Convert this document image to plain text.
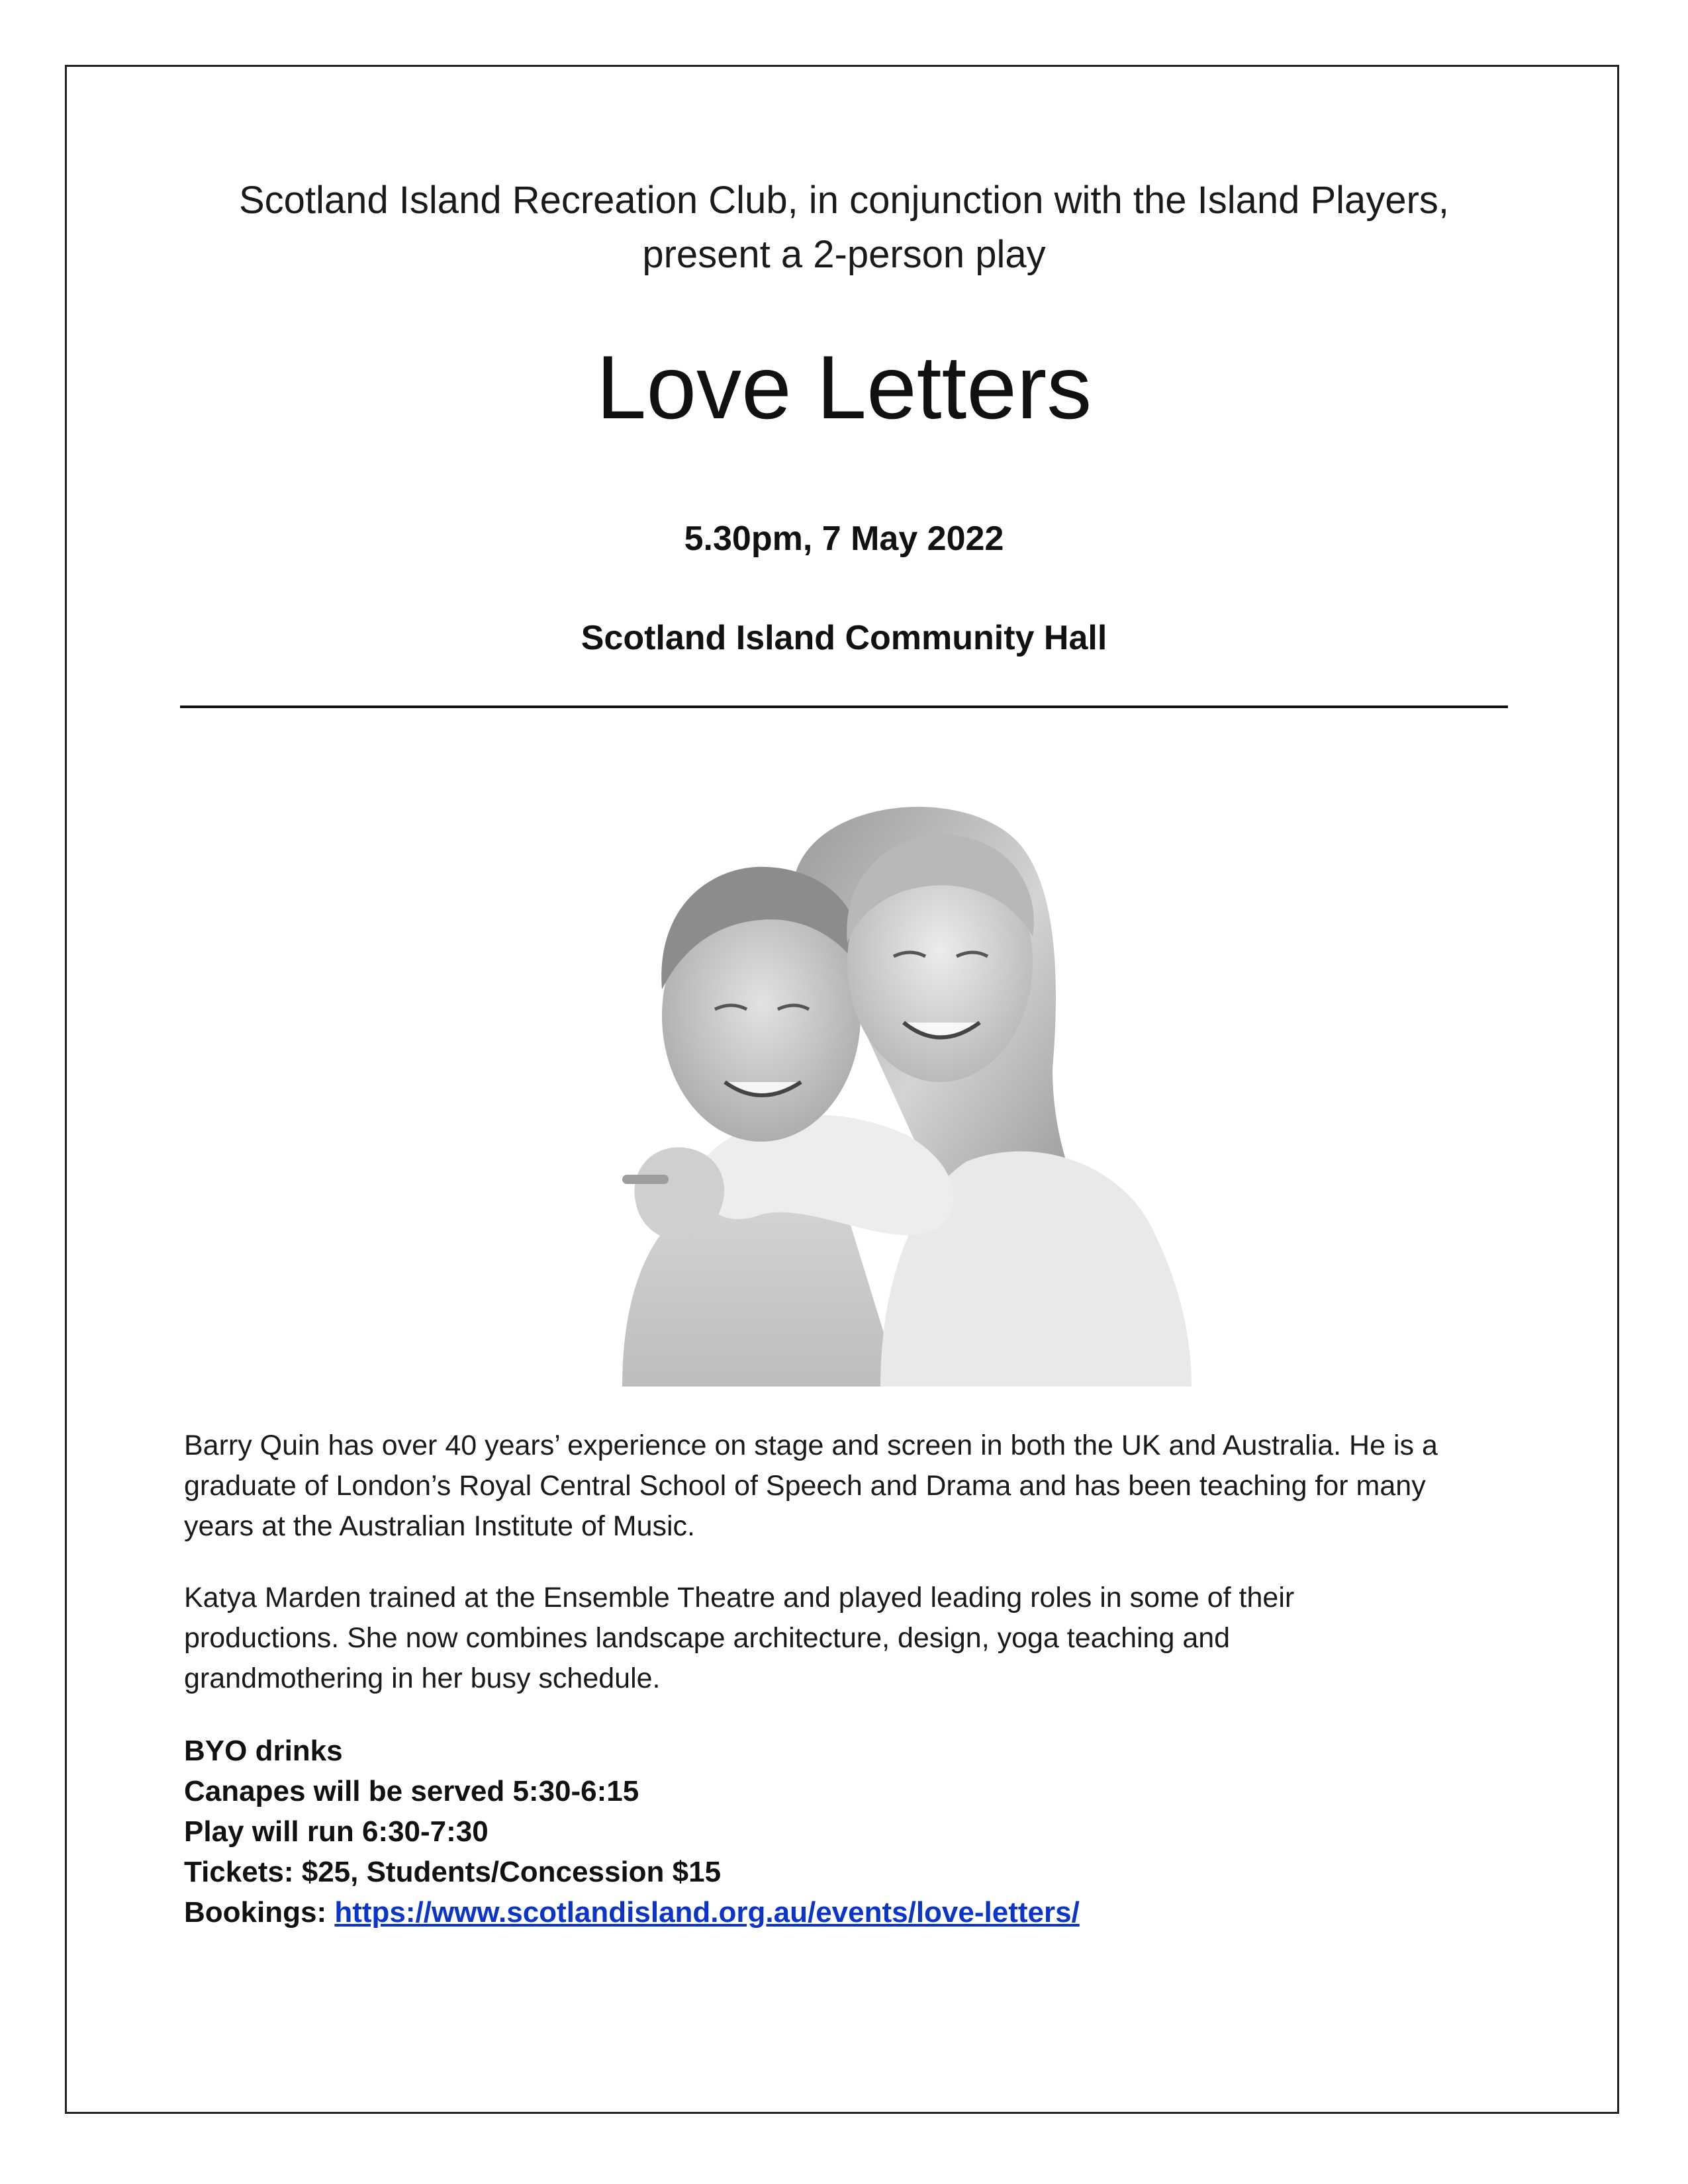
Scotland Island Recreation Club, in conjunction with the Island Players,
present a 2-person play
Love Letters
5.30pm, 7 May 2022
Scotland Island Community Hall
Barry Quin has over 40 years’ experience on stage and screen in both the UK and Australia. He is a
graduate of London’s Royal Central School of Speech and Drama and has been teaching for many
years at the Australian Institute of Music.
Katya Marden trained at the Ensemble Theatre and played leading roles in some of their
productions. She now combines landscape architecture, design, yoga teaching and
grandmothering in her busy schedule.
BYO drinks
Canapes will be served 5:30-6:15
Play will run 6:30-7:30
Tickets: $25, Students/Concession $15
Bookings: https://www.scotlandisland.org.au/events/love-letters/
